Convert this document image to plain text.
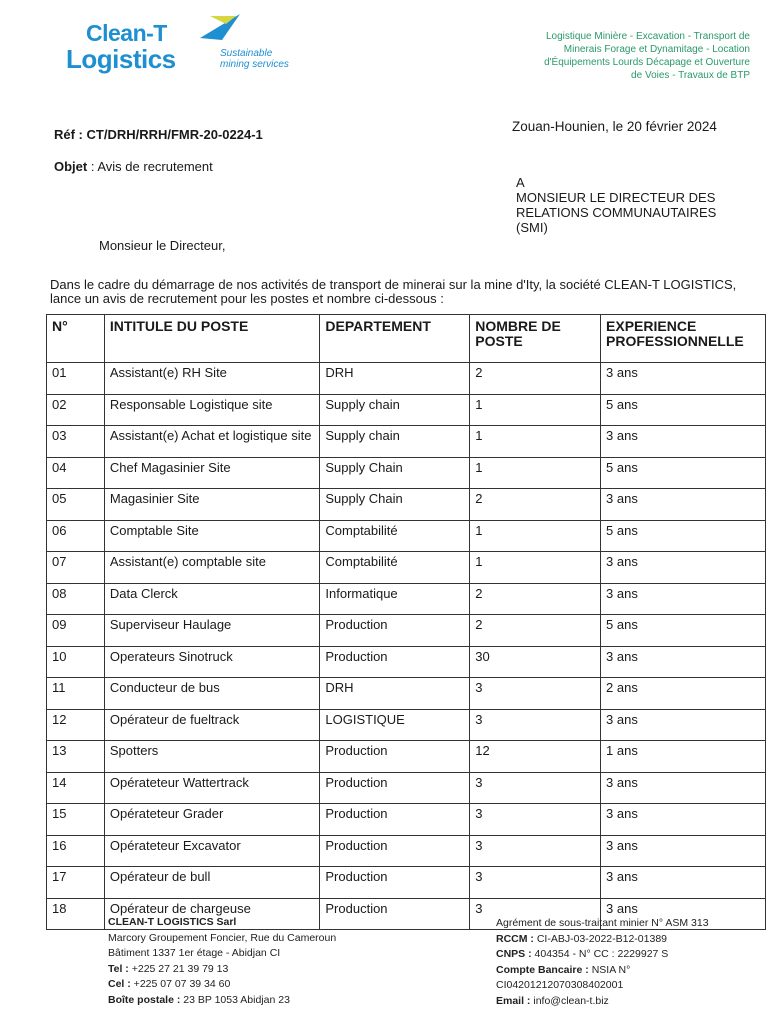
Clean-T
Logistics	Sustainable
mining services
Logistique Minière - Excavation - Transport de
Minerais Forage et Dynamitage - Location
d'Équipements Lourds Décapage et Ouverture
de Voies - Travaux de BTP
Réf : CT/DRH/RRH/FMR-20-0224-1
Zouan-Hounien, le 20 février 2024
Objet : Avis de recrutement
A
MONSIEUR LE DIRECTEUR DES
RELATIONS COMMUNAUTAIRES
(SMI)
Monsieur le Directeur,
Dans le cadre du démarrage de nos activités de transport de minerai sur la mine d'Ity, la société CLEAN-T LOGISTICS, lance un avis de recrutement pour les postes et nombre ci-dessous :
N°	INTITULE DU POSTE	DEPARTEMENT	NOMBRE DE POSTE	EXPERIENCE PROFESSIONNELLE
01	Assistant(e) RH Site	DRH	2	3 ans
02	Responsable Logistique site	Supply chain	1	5 ans
03	Assistant(e) Achat et logistique site	Supply chain	1	3 ans
04	Chef Magasinier Site	Supply Chain	1	5 ans
05	Magasinier Site	Supply Chain	2	3 ans
06	Comptable Site	Comptabilité	1	5 ans
07	Assistant(e) comptable site	Comptabilité	1	3 ans
08	Data Clerck	Informatique	2	3 ans
09	Superviseur Haulage	Production	2	5 ans
10	Operateurs Sinotruck	Production	30	3 ans
11	Conducteur de bus	DRH	3	2 ans
12	Opérateur de fueltrack	LOGISTIQUE	3	3 ans
13	Spotters	Production	12	1 ans
14	Opérateteur Wattertrack	Production	3	3 ans
15	Opérateteur Grader	Production	3	3 ans
16	Opérateteur Excavator	Production	3	3 ans
17	Opérateur de bull	Production	3	3 ans
18	Opérateur de chargeuse	Production	3	3 ans
CLEAN-T LOGISTICS Sarl
Marcory Groupement Foncier, Rue du Cameroun
Bâtiment 1337 1er étage - Abidjan CI
Tel : +225 27 21 39 79 13
Cel : +225 07 07 39 34 60
Boîte postale : 23 BP 1053 Abidjan 23
Agrément de sous-traitant minier N° ASM 313
RCCM : CI-ABJ-03-2022-B12-01389
CNPS : 404354 - N° CC : 2229927 S
Compte Bancaire : NSIA N°
CI0420121207030840200​1
Email : info@clean-t.biz
